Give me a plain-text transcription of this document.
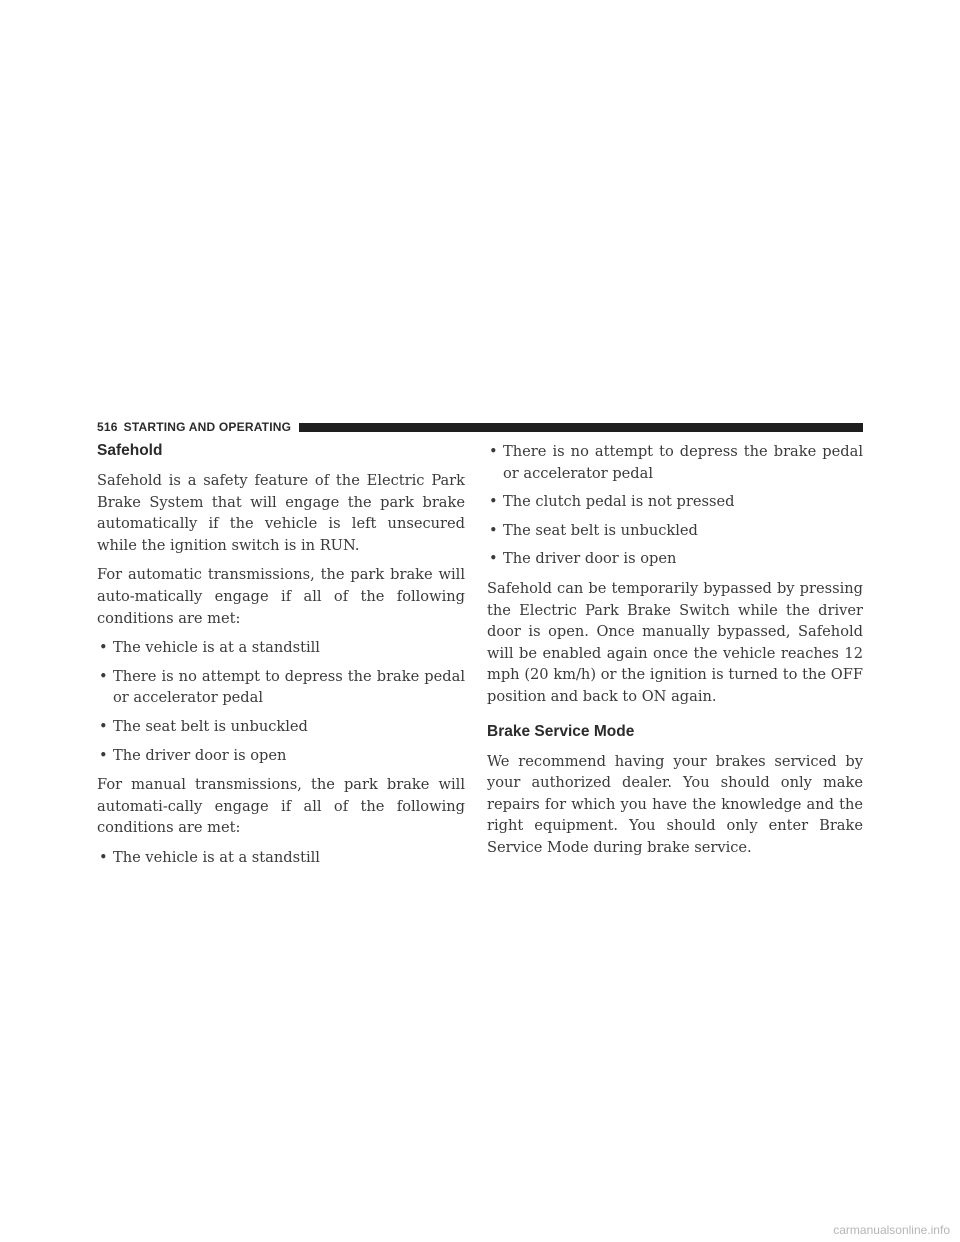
516 STARTING AND OPERATING
Safehold

Safehold is a safety feature of the Electric Park Brake System that will engage the park brake automatically if the vehicle is left unsecured while the ignition switch is in RUN.

For automatic transmissions, the park brake will auto-matically engage if all of the following conditions are met:

• The vehicle is at a standstill
• There is no attempt to depress the brake pedal or accelerator pedal
• The seat belt is unbuckled
• The driver door is open

For manual transmissions, the park brake will automati-cally engage if all of the following conditions are met:

• The vehicle is at a standstill
• There is no attempt to depress the brake pedal or accelerator pedal
• The clutch pedal is not pressed
• The seat belt is unbuckled
• The driver door is open

Safehold can be temporarily bypassed by pressing the Electric Park Brake Switch while the driver door is open. Once manually bypassed, Safehold will be enabled again once the vehicle reaches 12 mph (20 km/h) or the ignition is turned to the OFF position and back to ON again.

Brake Service Mode

We recommend having your brakes serviced by your authorized dealer. You should only make repairs for which you have the knowledge and the right equipment. You should only enter Brake Service Mode during brake service.

carmanualsonline.info
